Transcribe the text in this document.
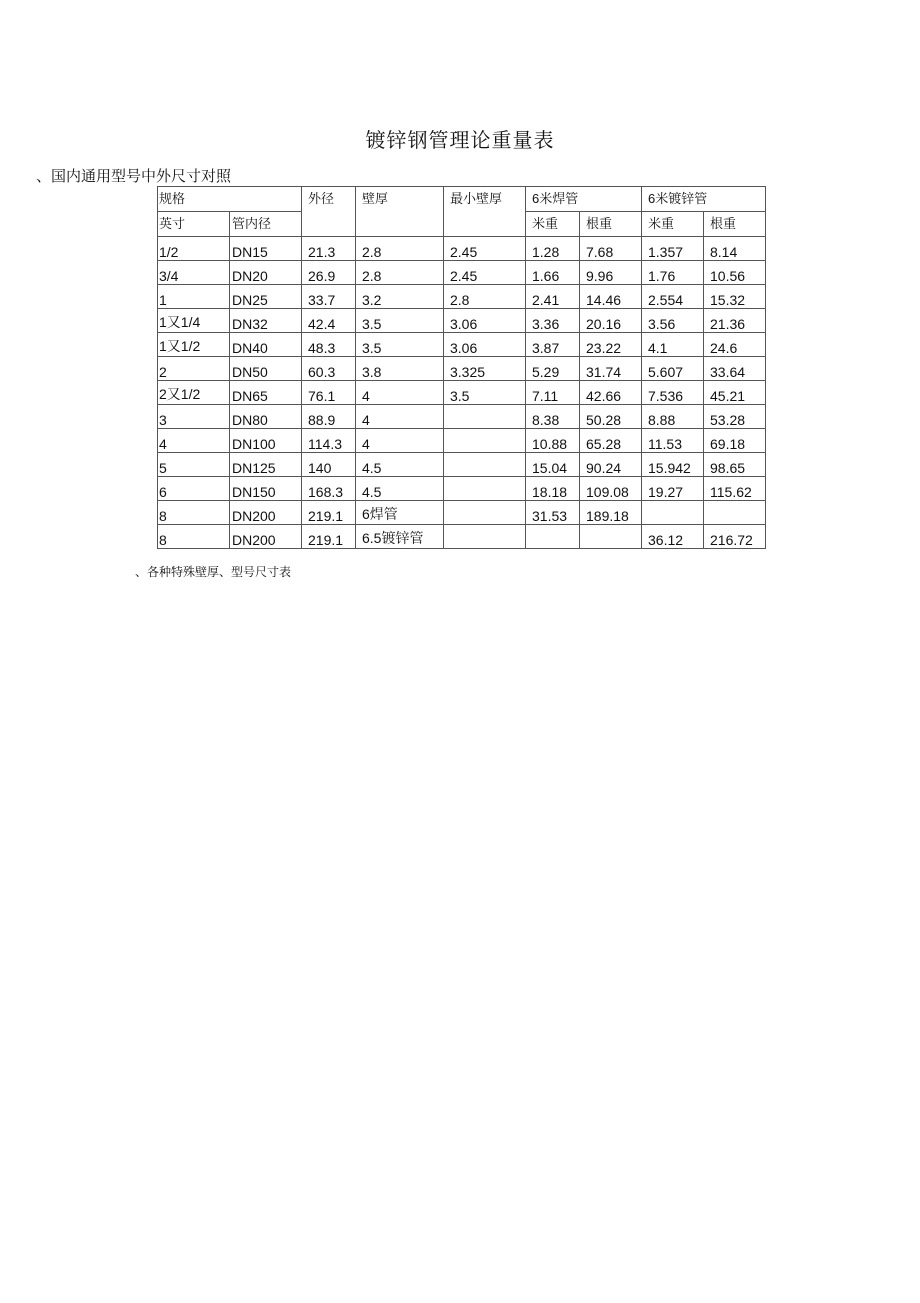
镀锌钢管理论重量表
、国内通用型号中外尺寸对照
规格		外径	壁厚	最小壁厚	6米焊管		6米镀锌管	
英寸	管内径				米重	根重	米重	根重
1/2	DN15	21.3	2.8	2.45	1.28	7.68	1.357	8.14
3/4	DN20	26.9	2.8	2.45	1.66	9.96	1.76	10.56
1	DN25	33.7	3.2	2.8	2.41	14.46	2.554	15.32
1又1/4	DN32	42.4	3.5	3.06	3.36	20.16	3.56	21.36
1又1/2	DN40	48.3	3.5	3.06	3.87	23.22	4.1	24.6
2	DN50	60.3	3.8	3.325	5.29	31.74	5.607	33.64
2又1/2	DN65	76.1	4	3.5	7.11	42.66	7.536	45.21
3	DN80	88.9	4		8.38	50.28	8.88	53.28
4	DN100	114.3	4		10.88	65.28	11.53	69.18
5	DN125	140	4.5		15.04	90.24	15.942	98.65
6	DN150	168.3	4.5		18.18	109.08	19.27	115.62
8	DN200	219.1	6焊管		31.53	189.18		
8	DN200	219.1	6.5镀锌管				36.12	216.72
、各种特殊壁厚、型号尺寸表
